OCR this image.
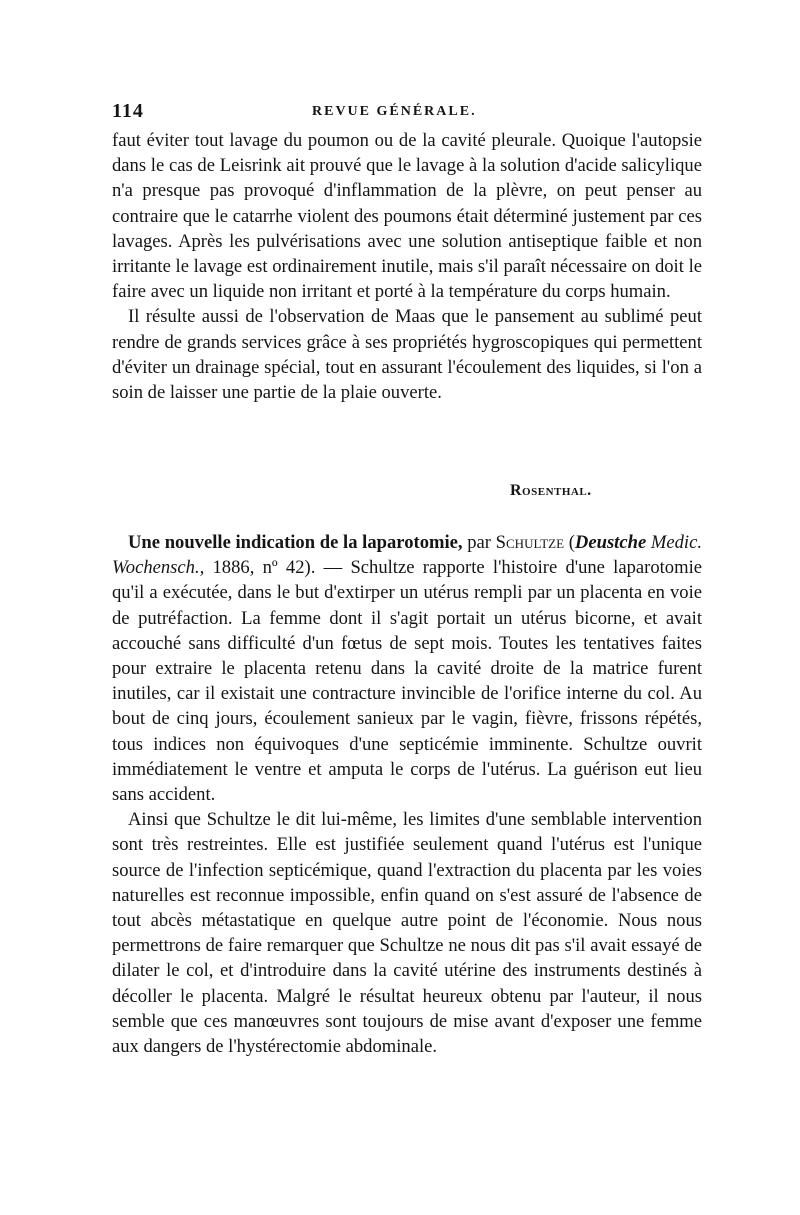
114	REVUE GÉNÉRALE.

faut éviter tout lavage du poumon ou de la cavité pleurale. Quoique l'autopsie dans le cas de Leisrink ait prouvé que le lavage à la solution d'acide salicylique n'a presque pas provoqué d'inflammation de la plèvre, on peut penser au contraire que le catarrhe violent des poumons était déterminé justement par ces lavages. Après les pulvérisations avec une solution antiseptique faible et non irritante le lavage est ordinairement inutile, mais s'il paraît nécessaire on doit le faire avec un liquide non irritant et porté à la température du corps humain.

Il résulte aussi de l'observation de Maas que le pansement au sublimé peut rendre de grands services grâce à ses propriétés hygroscopiques qui permettent d'éviter un drainage spécial, tout en assurant l'écoulement des liquides, si l'on a soin de laisser une partie de la plaie ouverte.

Rosenthal.

Une nouvelle indication de la laparotomie, par Schultze (Deustche Medic. Wochensch., 1886, nº 42). — Schultze rapporte l'histoire d'une laparotomie qu'il a exécutée, dans le but d'extirper un utérus rempli par un placenta en voie de putréfaction. La femme dont il s'agit portait un utérus bicorne, et avait accouché sans difficulté d'un fœtus de sept mois. Toutes les tentatives faites pour extraire le placenta retenu dans la cavité droite de la matrice furent inutiles, car il existait une contracture invincible de l'orifice interne du col. Au bout de cinq jours, écoulement sanieux par le vagin, fièvre, frissons répétés, tous indices non équivoques d'une septicémie imminente. Schultze ouvrit immédiatement le ventre et amputa le corps de l'utérus. La guérison eut lieu sans accident.

Ainsi que Schultze le dit lui-même, les limites d'une semblable intervention sont très restreintes. Elle est justifiée seulement quand l'utérus est l'unique source de l'infection septicémique, quand l'extraction du placenta par les voies naturelles est reconnue impossible, enfin quand on s'est assuré de l'absence de tout abcès métastatique en quelque autre point de l'économie. Nous nous permettrons de faire remarquer que Schultze ne nous dit pas s'il avait essayé de dilater le col, et d'introduire dans la cavité utérine des instruments destinés à décoller le placenta. Malgré le résultat heureux obtenu par l'auteur, il nous semble que ces manœuvres sont toujours de mise avant d'exposer une femme aux dangers de l'hystérectomie abdominale.
